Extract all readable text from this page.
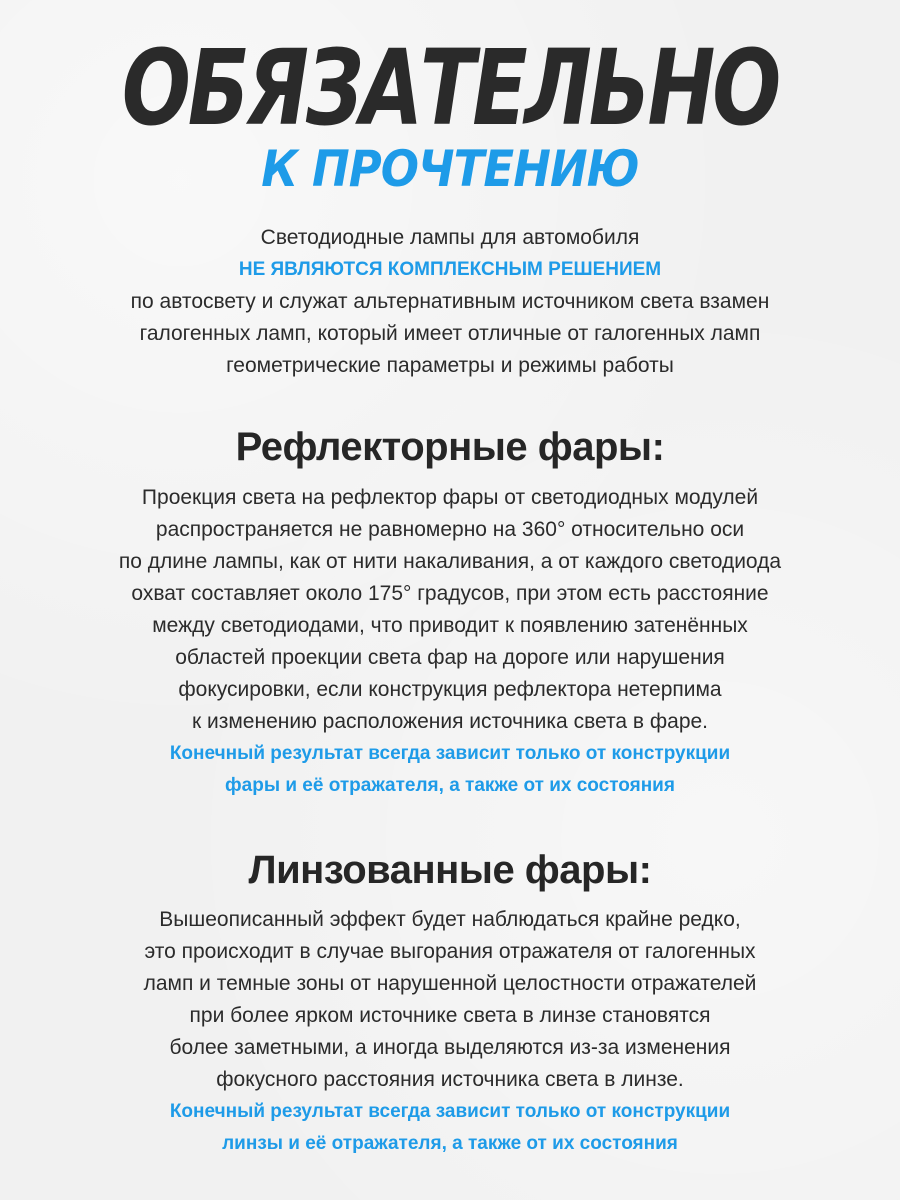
ОБЯЗАТЕЛЬНО
К ПРОЧТЕНИЮ
Светодиодные лампы для автомобиля
НЕ ЯВЛЯЮТСЯ КОМПЛЕКСНЫМ РЕШЕНИЕМ
по автосвету и служат альтернативным источником света взамен
галогенных ламп, который имеет отличные от галогенных ламп
геометрические параметры и режимы работы
Рефлекторные фары:
Проекция света на рефлектор фары от светодиодных модулей
распространяется не равномерно на 360° относительно оси
по длине лампы, как от нити накаливания, а от каждого светодиода
охват составляет около 175° градусов, при этом есть расстояние
между светодиодами, что приводит к появлению затенённых
областей проекции света фар на дороге или нарушения
фокусировки, если конструкция рефлектора нетерпима
к изменению расположения источника света в фаре.
Конечный результат всегда зависит только от конструкции
фары и её отражателя, а также от их состояния
Линзованные фары:
Вышеописанный эффект будет наблюдаться крайне редко,
это происходит в случае выгорания отражателя от галогенных
ламп и темные зоны от нарушенной целостности отражателей
при более ярком источнике света в линзе становятся
более заметными, а иногда выделяются из-за изменения
фокусного расстояния источника света в линзе.
Конечный результат всегда зависит только от конструкции
линзы и её отражателя, а также от их состояния
